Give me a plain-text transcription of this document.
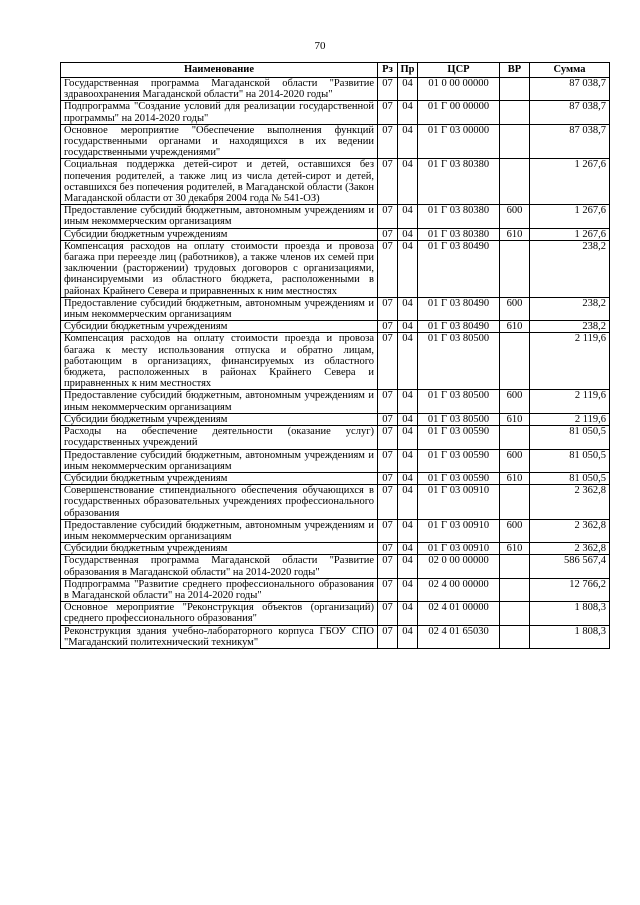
70
Наименование	Рз	Пр	ЦСР	ВР	Сумма
Государственная программа Магаданской области "Развитие здравоохранения Магаданской области" на 2014-2020 годы"	07	04	01 0 00 00000		87 038,7
Подпрограмма "Создание условий для реализации государственной программы" на 2014-2020 годы"	07	04	01 Г 00 00000		87 038,7
Основное мероприятие "Обеспечение выполнения функций государственными органами и находящихся в их ведении государственными учреждениями"	07	04	01 Г 03 00000		87 038,7
Социальная поддержка детей-сирот и детей, оставшихся без попечения родителей, а также лиц из числа детей-сирот и детей, оставшихся без попечения родителей, в Магаданской области (Закон Магаданской области от 30 декабря 2004 года № 541-ОЗ)	07	04	01 Г 03 80380		1 267,6
Предоставление субсидий бюджетным, автономным учреждениям и иным некоммерческим организациям	07	04	01 Г 03 80380	600	1 267,6
Субсидии бюджетным учреждениям	07	04	01 Г 03 80380	610	1 267,6
Компенсация расходов на оплату стоимости проезда и провоза багажа при переезде лиц (работников), а также членов их семей при заключении (расторжении) трудовых договоров с организациями, финансируемыми из областного бюджета, расположенными в районах Крайнего Севера и приравненных к ним местностях	07	04	01 Г 03 80490		238,2
Предоставление субсидий бюджетным, автономным учреждениям и иным некоммерческим организациям	07	04	01 Г 03 80490	600	238,2
Субсидии бюджетным учреждениям	07	04	01 Г 03 80490	610	238,2
Компенсация расходов на оплату стоимости проезда и провоза багажа к месту использования отпуска и обратно лицам, работающим в организациях, финансируемых из областного бюджета, расположенных в районах Крайнего Севера и приравненных к ним местностях	07	04	01 Г 03 80500		2 119,6
Предоставление субсидий бюджетным, автономным учреждениям и иным некоммерческим организациям	07	04	01 Г 03 80500	600	2 119,6
Субсидии бюджетным учреждениям	07	04	01 Г 03 80500	610	2 119,6
Расходы на обеспечение деятельности (оказание услуг) государственных учреждений	07	04	01 Г 03 00590		81 050,5
Предоставление субсидий бюджетным, автономным учреждениям и иным некоммерческим организациям	07	04	01 Г 03 00590	600	81 050,5
Субсидии бюджетным учреждениям	07	04	01 Г 03 00590	610	81 050,5
Совершенствование стипендиального обеспечения обучающихся в государственных образовательных учреждениях профессионального образования	07	04	01 Г 03 00910		2 362,8
Предоставление субсидий бюджетным, автономным учреждениям и иным некоммерческим организациям	07	04	01 Г 03 00910	600	2 362,8
Субсидии бюджетным учреждениям	07	04	01 Г 03 00910	610	2 362,8
Государственная программа Магаданской области "Развитие образования в Магаданской области" на 2014-2020 годы"	07	04	02 0 00 00000		586 567,4
Подпрограмма "Развитие среднего профессионального образования в Магаданской области" на 2014-2020 годы"	07	04	02 4 00 00000		12 766,2
Основное мероприятие "Реконструкция объектов (организаций) среднего профессионального образования"	07	04	02 4 01 00000		1 808,3
Реконструкция здания учебно-лабораторного корпуса ГБОУ СПО "Магаданский политехнический техникум"	07	04	02 4 01 65030		1 808,3
